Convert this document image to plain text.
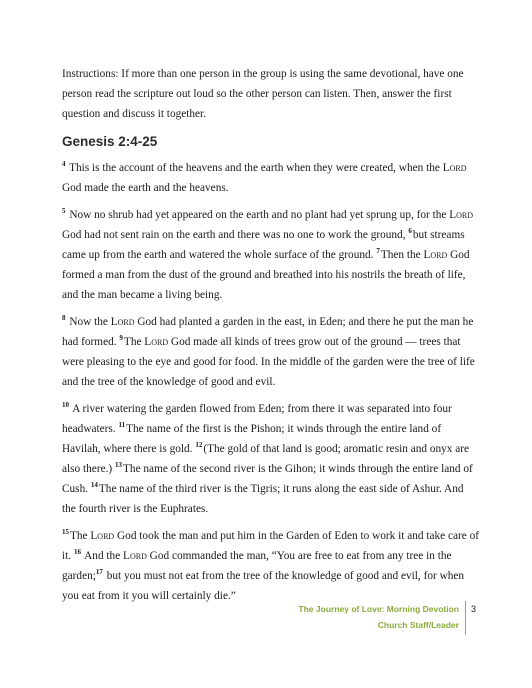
Instructions: If more than one person in the group is using the same devotional, have one person read the scripture out loud so the other person can listen. Then, answer the first question and discuss it together.

Genesis 2:4-25

$^4$ This is the account of the heavens and the earth when they were created, when the Lord God made the earth and the heavens.

$^5$ Now no shrub had yet appeared on the earth and no plant had yet sprung up, for the Lord God had not sent rain on the earth and there was no one to work the ground, $^6$but streams came up from the earth and watered the whole surface of the ground. $^7$Then the Lord God formed a man from the dust of the ground and breathed into his nostrils the breath of life, and the man became a living being.

$^8$ Now the Lord God had planted a garden in the east, in Eden; and there he put the man he had formed. $^9$The Lord God made all kinds of trees grow out of the ground — trees that were pleasing to the eye and good for food. In the middle of the garden were the tree of life and the tree of the knowledge of good and evil.

$^{10}$ A river watering the garden flowed from Eden; from there it was separated into four headwaters. $^{11}$The name of the first is the Pishon; it winds through the entire land of Havilah, where there is gold. $^{12}$(The gold of that land is good; aromatic resin and onyx are also there.) $^{13}$The name of the second river is the Gihon; it winds through the entire land of Cush. $^{14}$The name of the third river is the Tigris; it runs along the east side of Ashur. And the fourth river is the Euphrates.

$^{15}$The Lord God took the man and put him in the Garden of Eden to work it and take care of it. $^{16}$ And the Lord God commanded the man, “You are free to eat from any tree in the garden;$^{17}$ but you must not eat from the tree of the knowledge of good and evil, for when you eat from it you will certainly die.”

The Journey of Love: Morning Devotion
Church Staff/Leader
3
